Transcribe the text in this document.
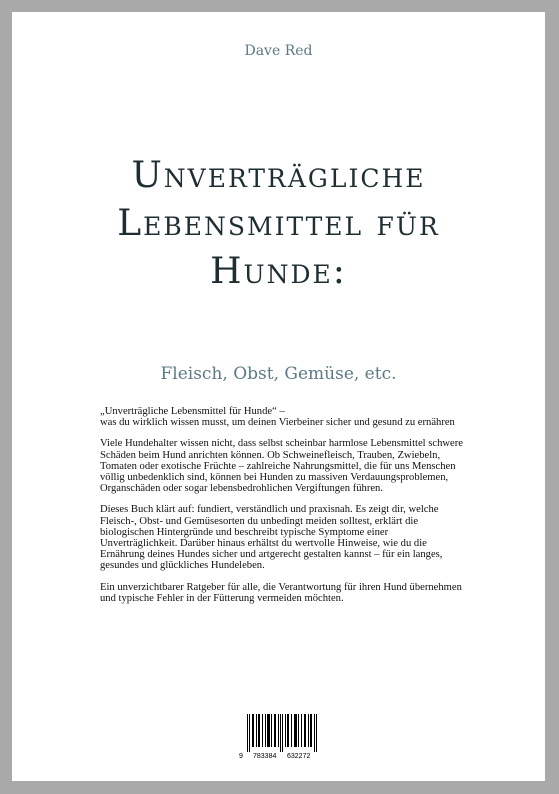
Dave Red
Unverträgliche
Lebensmittel für
Hunde:
Fleisch, Obst, Gemüse, etc.

„Unverträgliche Lebensmittel für Hunde“ –
was du wirklich wissen musst, um deinen Vierbeiner sicher und gesund zu ernähren

Viele Hundehalter wissen nicht, dass selbst scheinbar harmlose Lebensmittel schwere Schäden beim Hund anrichten können. Ob Schweinefleisch, Trauben, Zwiebeln, Tomaten oder exotische Früchte – zahlreiche Nahrungsmittel, die für uns Menschen völlig unbedenklich sind, können bei Hunden zu massiven Verdauungsproblemen, Organschäden oder sogar lebensbedrohlichen Vergiftungen führen.

Dieses Buch klärt auf: fundiert, verständlich und praxisnah. Es zeigt dir, welche Fleisch-, Obst- und Gemüsesorten du unbedingt meiden solltest, erklärt die biologischen Hintergründe und beschreibt typische Symptome einer Unverträglichkeit. Darüber hinaus erhältst du wertvolle Hinweise, wie du die Ernährung deines Hundes sicher und artgerecht gestalten kannst – für ein langes, gesundes und glückliches Hundeleben.

Ein unverzichtbarer Ratgeber für alle, die Verantwortung für ihren Hund übernehmen und typische Fehler in der Fütterung vermeiden möchten.

9 783384 632272
